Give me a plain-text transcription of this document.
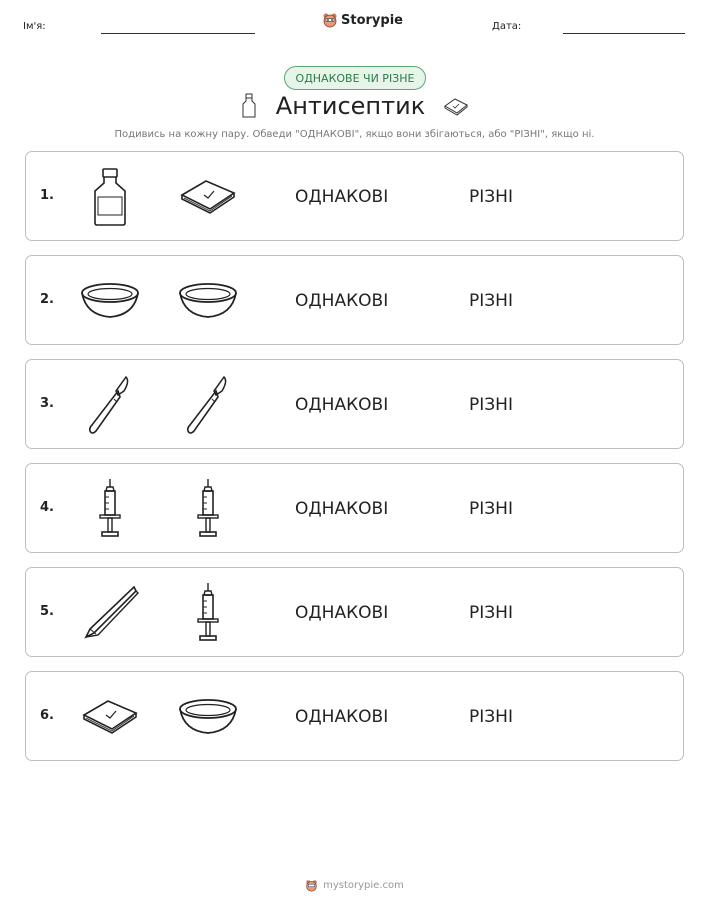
Ім'я:	Storypie	Дата:
ОДНАКОВЕ ЧИ РІЗНЕ
Антисептик
Подивись на кожну пару. Обведи "ОДНАКОВІ", якщо вони збігаються, або "РІЗНІ", якщо ні.
1.	ОДНАКОВІ	РІЗНІ
2.	ОДНАКОВІ	РІЗНІ
3.	ОДНАКОВІ	РІЗНІ
4.	ОДНАКОВІ	РІЗНІ
5.	ОДНАКОВІ	РІЗНІ
6.	ОДНАКОВІ	РІЗНІ
mystorypie.com
